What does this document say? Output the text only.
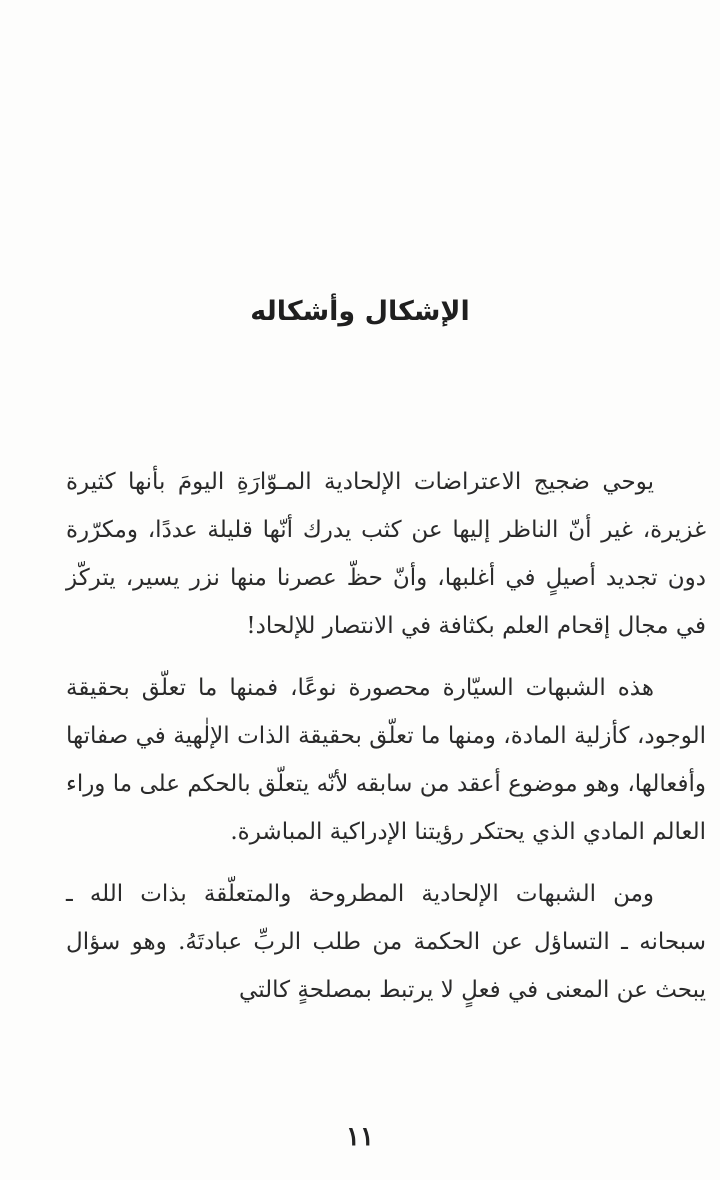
الإشكال وأشكاله

يوحي ضجيج الاعتراضات الإلحادية المـوّارَةِ اليومَ بأنها كثيرة غزيرة، غير أنّ الناظر إليها عن كثب يدرك أنّها قليلة عددًا، ومكرّرة دون تجديد أصيلٍ في أغلبها، وأنّ حظّ عصرنا منها نزر يسير، يتركّز في مجال إقحام العلم بكثافة في الانتصار للإلحاد!

هذه الشبهات السيّارة محصورة نوعًا، فمنها ما تعلّق بحقيقة الوجود، كأزلية المادة، ومنها ما تعلّق بحقيقة الذات الإلٰهية في صفاتها وأفعالها، وهو موضوع أعقد من سابقه لأنّه يتعلّق بالحكم على ما وراء العالم المادي الذي يحتكر رؤيتنا الإدراكية المباشرة.

ومن الشبهات الإلحادية المطروحة والمتعلّقة بذات الله ـ سبحانه ـ التساؤل عن الحكمة من طلب الربِّ عبادتَهُ. وهو سؤال يبحث عن المعنى في فعلٍ لا يرتبط بمصلحةٍ كالتي

١١
